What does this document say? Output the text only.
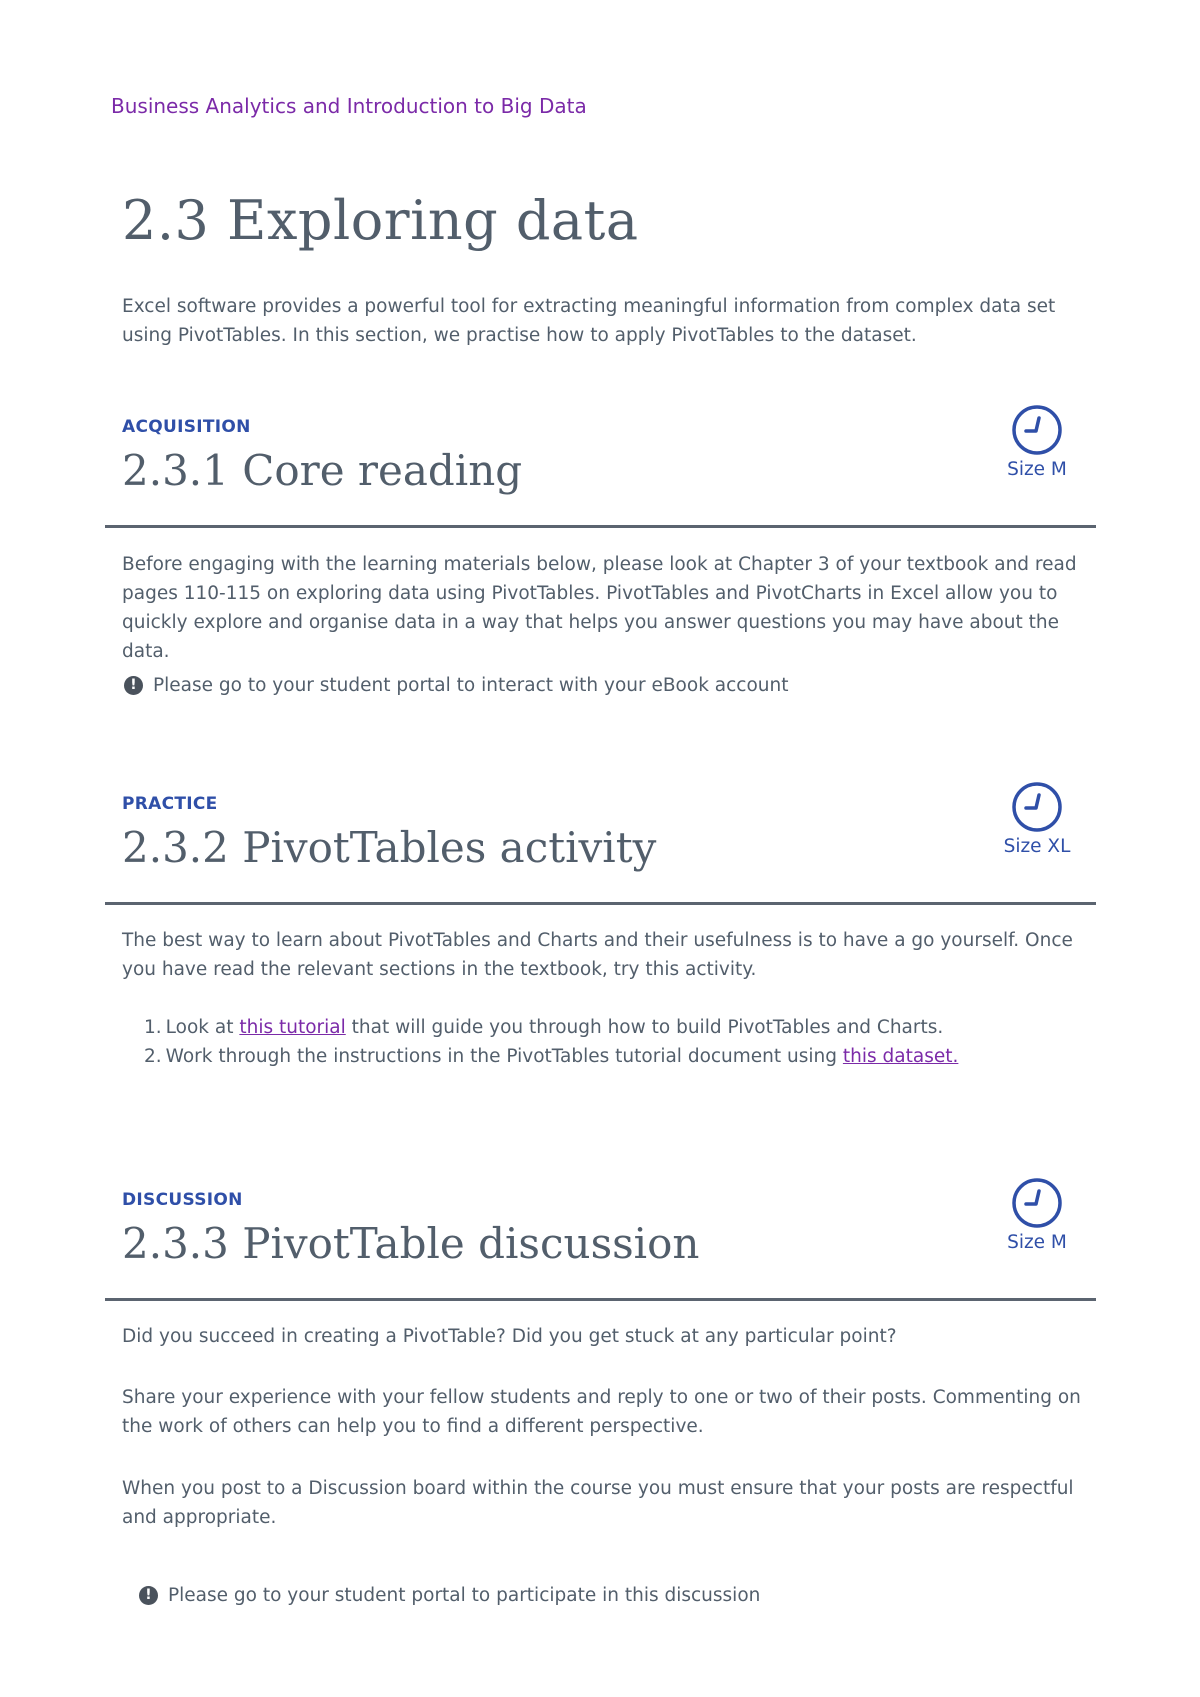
Business Analytics and Introduction to Big Data
2.3 Exploring data

Excel software provides a powerful tool for extracting meaningful information from complex data set using PivotTables. In this section, we practise how to apply PivotTables to the dataset.

ACQUISITION
2.3.1 Core reading	Size M

Before engaging with the learning materials below, please look at Chapter 3 of your textbook and read pages 110-115 on exploring data using PivotTables. PivotTables and PivotCharts in Excel allow you to quickly explore and organise data in a way that helps you answer questions you may have about the data.

! Please go to your student portal to interact with your eBook account
PRACTICE
2.3.2 PivotTables activity	Size XL

The best way to learn about PivotTables and Charts and their usefulness is to have a go yourself. Once you have read the relevant sections in the textbook, try this activity.

1. Look at this tutorial that will guide you through how to build PivotTables and Charts.
2. Work through the instructions in the PivotTables tutorial document using this dataset.
DISCUSSION
2.3.3 PivotTable discussion	Size M

Did you succeed in creating a PivotTable? Did you get stuck at any particular point?

Share your experience with your fellow students and reply to one or two of their posts. Commenting on the work of others can help you to find a different perspective.

When you post to a Discussion board within the course you must ensure that your posts are respectful and appropriate.

! Please go to your student portal to participate in this discussion
